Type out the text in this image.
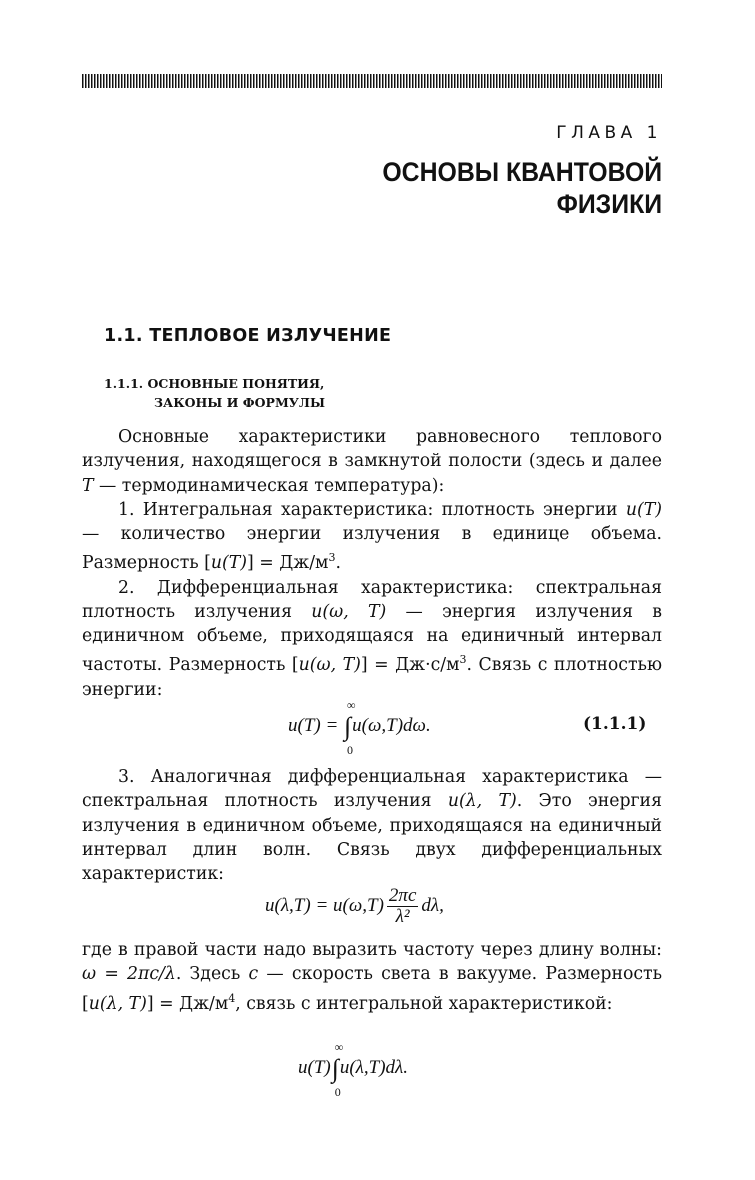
ГЛАВА 1
ОСНОВЫ КВАНТОВОЙ
ФИЗИКИ
1.1. ТЕПЛОВОЕ ИЗЛУЧЕНИЕ
1.1.1. ОСНОВНЫЕ ПОНЯТИЯ,
ЗАКОНЫ И ФОРМУЛЫ

Основные характеристики равновесного теплового излучения, находящегося в замкнутой полости (здесь и далее T — термодинамическая температура):

1. Интегральная характеристика: плотность энергии u(T) — количество энергии излучения в единице объема. Размерность $[u(T)] = Дж/м^3$.

2. Дифференциальная характеристика: спектральная плотность излучения u(ω, T) — энергия излучения в единичном объеме, приходящаяся на единичный интервал частоты. Размерность [u(ω, $T)] = Дж\cdot с/м^3$. Связь с плотностью энергии:

u(T) = ∫
∞
0
u(ω,T)dω.	(1.1.1)

3. Аналогичная дифференциальная характеристика — спектральная плотность излучения u(λ, T). Это энергия излучения в единичном объеме, приходящаяся на единичный интервал длин волн. Связь двух дифференциальных характеристик:

$u(\lambda,T) = u(\omega,T) \frac{2\pi c}{\text{λ²}} d\lambda$,

где в правой части надо выразить частоту через длину волны: ω = 2πc/λ. Здесь c — скорость света в вакууме. Размерность [u(λ, $T)] = Дж/м^4$, связь с интегральной характеристикой:

u(T)∫
∞
0
u(λ,T)dλ.
